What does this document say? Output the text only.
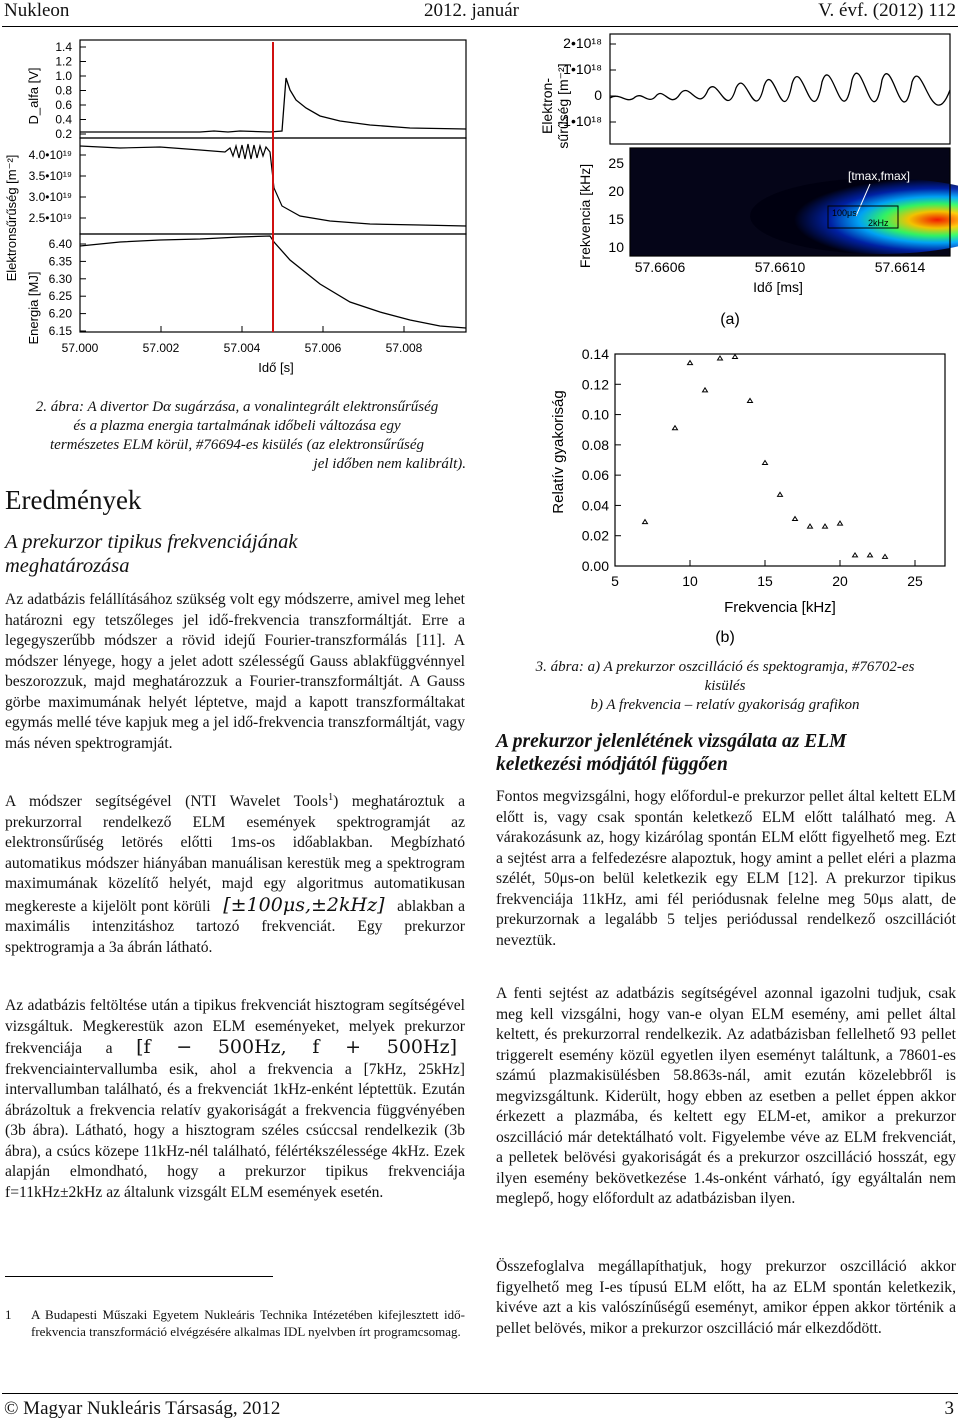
Nukleon	2012. január	V. évf. (2012) 112
Elektronsűrűség [m⁻²]
Energia [MJ]
D_alfa [V]
1.4
1.2
1.0
0.8
0.6
0.4
0.2
4.0•10¹⁹
3.5•10¹⁹
3.0•10¹⁹
2.5•10¹⁹
6.40
6.35
6.30
6.25
6.20
6.15
57.000	57.002	57.004	57.006	57.008
Idő [s]
2. ábra: A divertor Dα sugárzása, a vonalintegrált elektronsűrűség
és a plazma energia tartalmának időbeli változása egy
természetes ELM körül, #76694-es kisülés (az elektronsűrűség
jel időben nem kalibrált).
Eredmények
A prekurzor tipikus frekvenciájának meghatározása
Az adatbázis felállításához szükség volt egy módszerre, amivel meg lehet határozni egy tetszőleges jel idő-frekvencia transzformáltját. Erre a legegyszerűbb módszer a rövid idejű Fourier-transzformálás [11]. A módszer lényege, hogy a jelet adott szélességű Gauss ablakfüggvénnyel beszorozzuk, majd meghatározzuk a Fourier-transzformáltját. A Gauss görbe maximumának helyét léptetve, majd a kapott transzformáltakat egymás mellé téve kapjuk meg a jel idő-frekvencia transzformáltját, vagy más néven spektrogramját.
A módszer segítségével (NTI Wavelet Tools$^1$) meghatároztuk a prekurzorral rendelkező ELM események spektrogramját az elektronsűrűség letörés előtti 1ms-os időablakban. Megbízható automatikus módszer hiányában manuálisan kerestük meg a spektrogram maximumának közelítő helyét, majd egy algoritmus automatikusan megkereste a kijelölt pont körüli [±100μs,±2kHz] ablakban a maximális intenzitáshoz tartozó frekvenciát. Egy prekurzor spektrogramja a 3a ábrán látható.
Az adatbázis feltöltése után a tipikus frekvenciát hisztogram segítségével vizsgáltuk. Megkerestük azon ELM eseményeket, melyek prekurzor frekvenciája a [f − 500Hz, f + 500Hz] frekvenciaintervallumba esik, ahol a frekvencia a [7kHz, 25kHz] intervallumban található, és a frekvenciát 1kHz-enként léptettük. Ezután ábrázoltuk a frekvencia relatív gyakoriságát a frekvencia függvényében (3b ábra). Látható, hogy a hisztogram széles csúccsal rendelkezik (3b ábra), a csúcs közepe 11kHz-nél található, félértékszélessége 4kHz. Ezek alapján elmondható, hogy a prekurzor tipikus frekvenciája f=11kHz±2kHz az általunk vizsgált ELM események esetén.
1 A Budapesti Műszaki Egyetem Nukleáris Technika Intézetében kifejlesztett idő-frekvencia transzformáció elvégzésére alkalmas IDL nyelvben írt programcsomag.
Elektron-sűrűség [m⁻²]
2•10¹⁸
1•10¹⁸
0
-1•10¹⁸
Frekvencia [kHz]
25
20
15
10
57.6606	57.6610	57.6614
Idő [ms]
[tmax,fmax]
100μs
2kHz
(a)
Relatív gyakoriság
0.14
0.12
0.10
0.08
0.06
0.04
0.02
0.00
5	10	15	20	25
Frekvencia [kHz]
(b)
3. ábra: a) A prekurzor oszcilláció és spektogramja, #76702-es
kisülés
b) A frekvencia – relatív gyakoriság grafikon
A prekurzor jelenlétének vizsgálata az ELM keletkezési módjától függően
Fontos megvizsgálni, hogy előfordul-e prekurzor pellet által keltett ELM előtt is, vagy csak spontán keletkező ELM előtt található meg. A várakozásunk az, hogy kizárólag spontán ELM előtt figyelhető meg. Ezt a sejtést arra a felfedezésre alapoztuk, hogy amint a pellet eléri a plazma szélét, 50μs-on belül keletkezik egy ELM [12]. A prekurzor tipikus frekvenciája 11kHz, ami fél periódusnak felelne meg 50μs alatt, de prekurzornak a legalább 5 teljes periódussal rendelkező oszcillációt neveztük.
A fenti sejtést az adatbázis segítségével azonnal igazolni tudjuk, csak meg kell vizsgálni, hogy van-e olyan ELM esemény, ami pellet által keltett, és prekurzorral rendelkezik. Az adatbázisban fellelhető 93 pellet triggerelt esemény közül egyetlen ilyen eseményt találtunk, a 78601-es számú plazmakisülésben 58.863s-nál, amit ezután közelebbről is megvizsgáltunk. Kiderült, hogy ebben az esetben a pellet éppen akkor érkezett a plazmába, és keltett egy ELM-et, amikor a prekurzor oszcilláció már detektálható volt. Figyelembe véve az ELM frekvenciát, a pelletek belövési gyakoriságát és a prekurzor oszcilláció hosszát, egy ilyen esemény bekövetkezése 1.4s-onként várható, így egyáltalán nem meglepő, hogy előfordult az adatbázisban ilyen.
Összefoglalva megállapíthatjuk, hogy prekurzor oszcilláció akkor figyelhető meg I-es típusú ELM előtt, ha az ELM spontán keletkezik, kivéve azt a kis valószínűségű eseményt, amikor éppen akkor történik a pellet belövés, mikor a prekurzor oszcilláció már elkezdődött.
© Magyar Nukleáris Társaság, 2012	3
